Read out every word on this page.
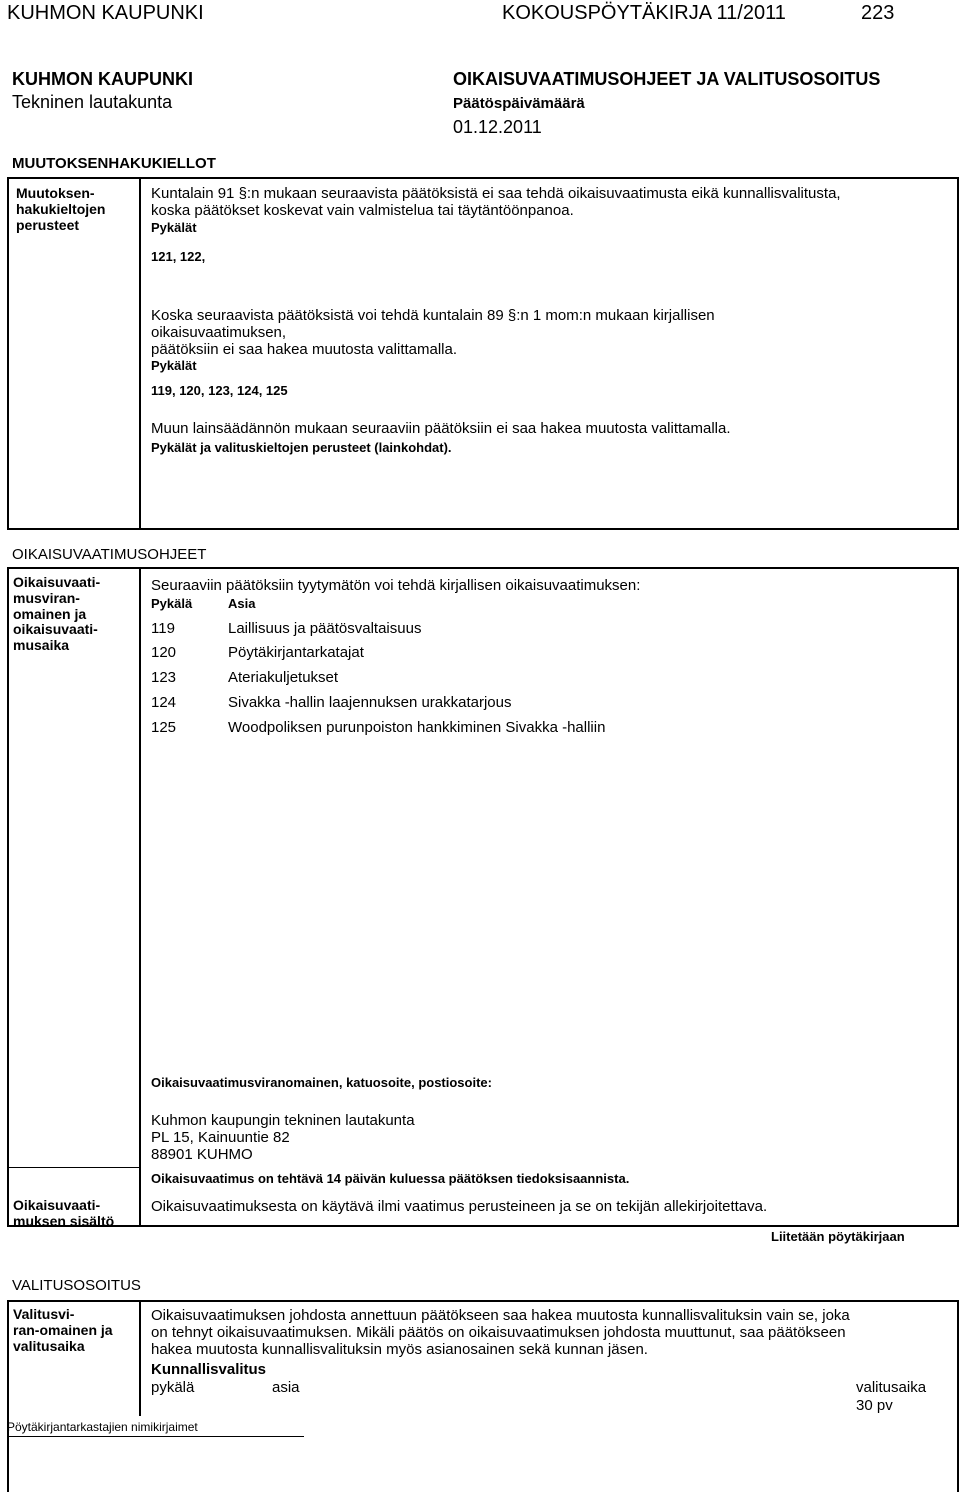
KUHMON KAUPUNKI	KOKOUSPÖYTÄKIRJA 11/2011	223
KUHMON KAUPUNKI
Tekninen lautakunta
OIKAISUVAATIMUSOHJEET JA VALITUSOSOITUS
Päätöspäivämäärä
01.12.2011
MUUTOKSENHAKUKIELLOT
Muutoksen-
hakukieltojen
perusteet
Kuntalain 91 §:n mukaan seuraavista päätöksistä ei saa tehdä oikaisuvaatimusta eikä kunnallisvalitusta,
koska päätökset koskevat vain valmistelua tai täytäntöönpanoa.
Pykälät
121, 122,
Koska seuraavista päätöksistä voi tehdä kuntalain 89 §:n 1 mom:n mukaan kirjallisen
oikaisuvaatimuksen,
päätöksiin ei saa hakea muutosta valittamalla.
Pykälät
119, 120, 123, 124, 125
Muun lainsäädännön mukaan seuraaviin päätöksiin ei saa hakea muutosta valittamalla.
Pykälät ja valituskieltojen perusteet (lainkohdat).
OIKAISUVAATIMUSOHJEET
Oikaisuvaati-
musviran-
omainen ja
oikaisuvaati-
musaika
Seuraaviin päätöksiin tyytymätön voi tehdä kirjallisen oikaisuvaatimuksen:
Pykälä	Asia
119	Laillisuus ja päätösvaltaisuus
120	Pöytäkirjantarkatajat
123	Ateriakuljetukset
124	Sivakka -hallin laajennuksen urakkatarjous
125	Woodpoliksen purunpoiston hankkiminen Sivakka -halliin
Oikaisuvaatimusviranomainen, katuosoite, postiosoite:
Kuhmon kaupungin tekninen lautakunta
PL 15, Kainuuntie 82
88901 KUHMO
Oikaisuvaatimus on tehtävä 14 päivän kuluessa päätöksen tiedoksisaannista.
Oikaisuvaati-
muksen sisältö
Oikaisuvaatimuksesta on käytävä ilmi vaatimus perusteineen ja se on tekijän allekirjoitettava.
Liitetään pöytäkirjaan
VALITUSOSOITUS
Valitusvi-
ran-omainen ja
valitusaika
Oikaisuvaatimuksen johdosta annettuun päätökseen saa hakea muutosta kunnallisvalituksin vain se, joka
on tehnyt oikaisuvaatimuksen. Mikäli päätös on oikaisuvaatimuksen johdosta muuttunut, saa päätökseen
hakea muutosta kunnallisvalituksin myös asianosainen sekä kunnan jäsen.
Kunnallisvalitus
pykälä	asia	valitusaika
30 pv
Pöytäkirjantarkastajien nimikirjaimet
